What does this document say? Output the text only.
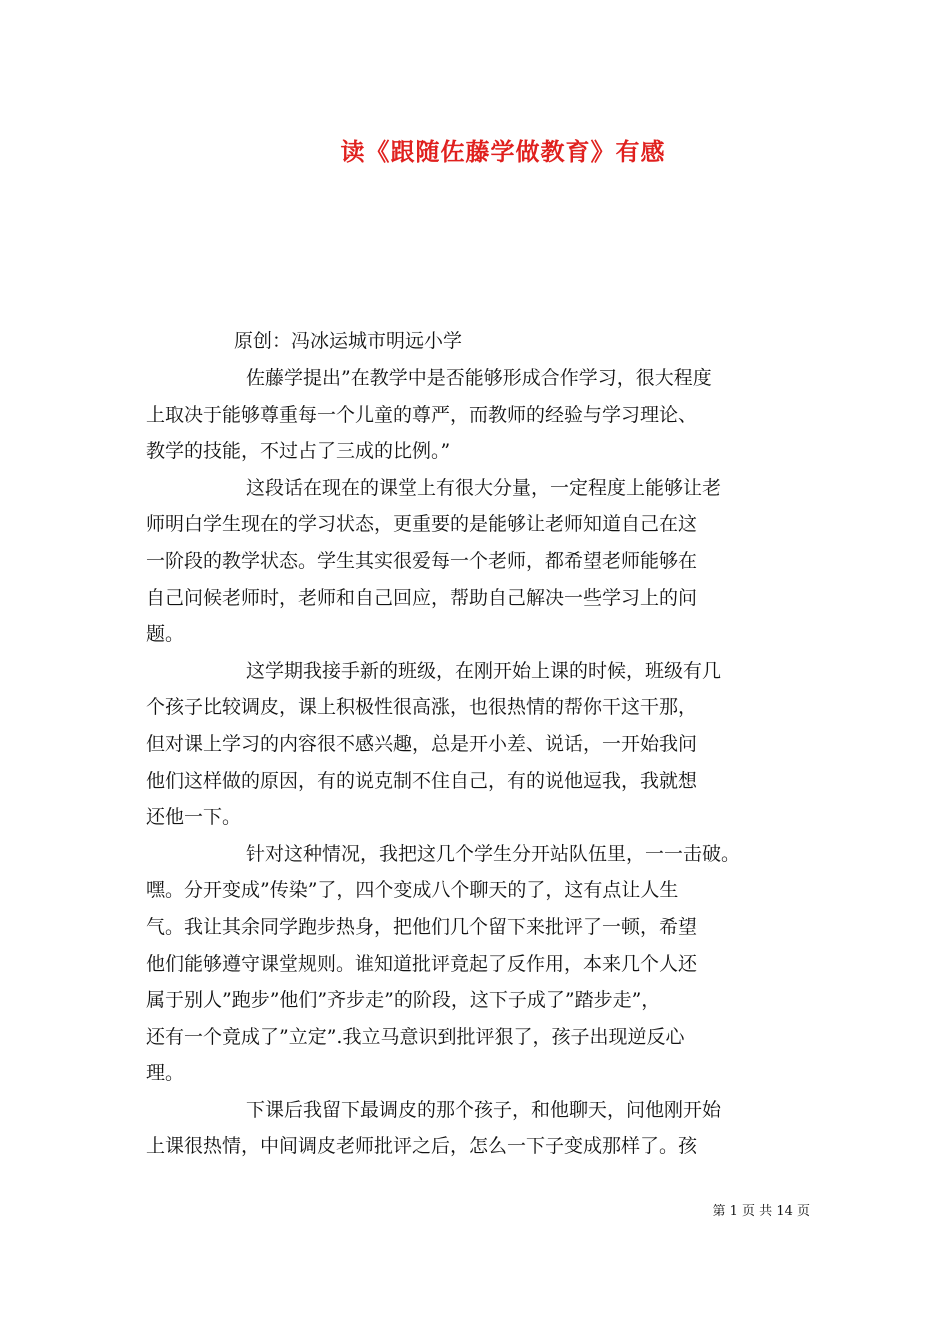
读《跟随佐藤学做教育》有感
原创：冯冰运城市明远小学
佐藤学提出”在教学中是否能够形成合作学习，很大程度
上取决于能够尊重每一个儿童的尊严，而教师的经验与学习理论、
教学的技能，不过占了三成的比例。”
这段话在现在的课堂上有很大分量，一定程度上能够让老
师明白学生现在的学习状态，更重要的是能够让老师知道自己在这
一阶段的教学状态。学生其实很爱每一个老师，都希望老师能够在
自己问候老师时，老师和自己回应，帮助自己解决一些学习上的问
题。
这学期我接手新的班级，在刚开始上课的时候，班级有几
个孩子比较调皮，课上积极性很高涨，也很热情的帮你干这干那，
但对课上学习的内容很不感兴趣，总是开小差、说话，一开始我问
他们这样做的原因，有的说克制不住自己，有的说他逗我，我就想
还他一下。
针对这种情况，我把这几个学生分开站队伍里，一一击破。
嘿。分开变成”传染”了，四个变成八个聊天的了，这有点让人生
气。我让其余同学跑步热身，把他们几个留下来批评了一顿，希望
他们能够遵守课堂规则。谁知道批评竟起了反作用，本来几个人还
属于别人”跑步”他们”齐步走”的阶段，这下子成了”踏步走”，
还有一个竟成了”立定”.我立马意识到批评狠了，孩子出现逆反心
理。
下课后我留下最调皮的那个孩子，和他聊天，问他刚开始
上课很热情，中间调皮老师批评之后，怎么一下子变成那样了。孩
第 1 页 共 14 页
